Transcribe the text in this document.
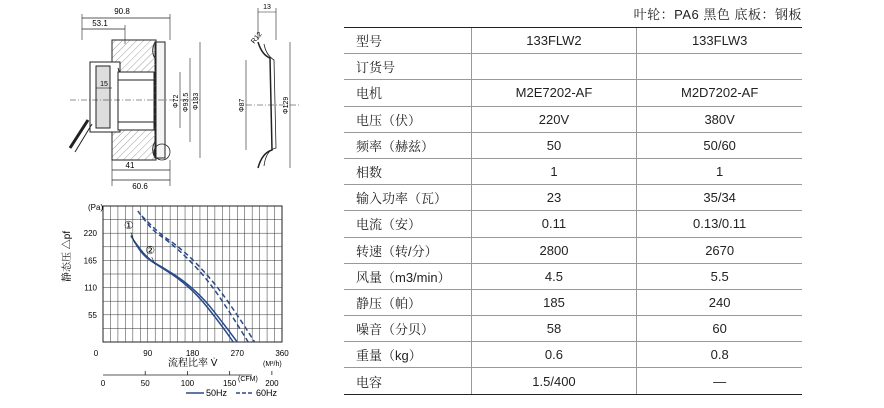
叶轮：PA6 黑色 底板：钢板
90.8
53.1
15
Φ72 Φ93.5 Φ133
41
60.6
13
R12
Φ87	Φ129
55
110
165
220
90	180	270	360
50	100	150	200
0
①
②
(Pa)
静态压 △pf
流程比率 V̇	(M³/h)
(CFM)
0
50Hz	60Hz
型号	133FLW2	133FLW3
订货号		
电机	M2E7202-AF	M2D7202-AF
电压（伏）	220V	380V
频率（赫兹）	50	50/60
相数	1	1
输入功率（瓦）	23	35/34
电流（安）	0.11	0.13/0.11
转速（转/分）	2800	2670
风量（m3/min）	4.5	5.5
静压（帕）	185	240
噪音（分贝）	58	60
重量（kg）	0.6	0.8
电容	1.5/400	—
